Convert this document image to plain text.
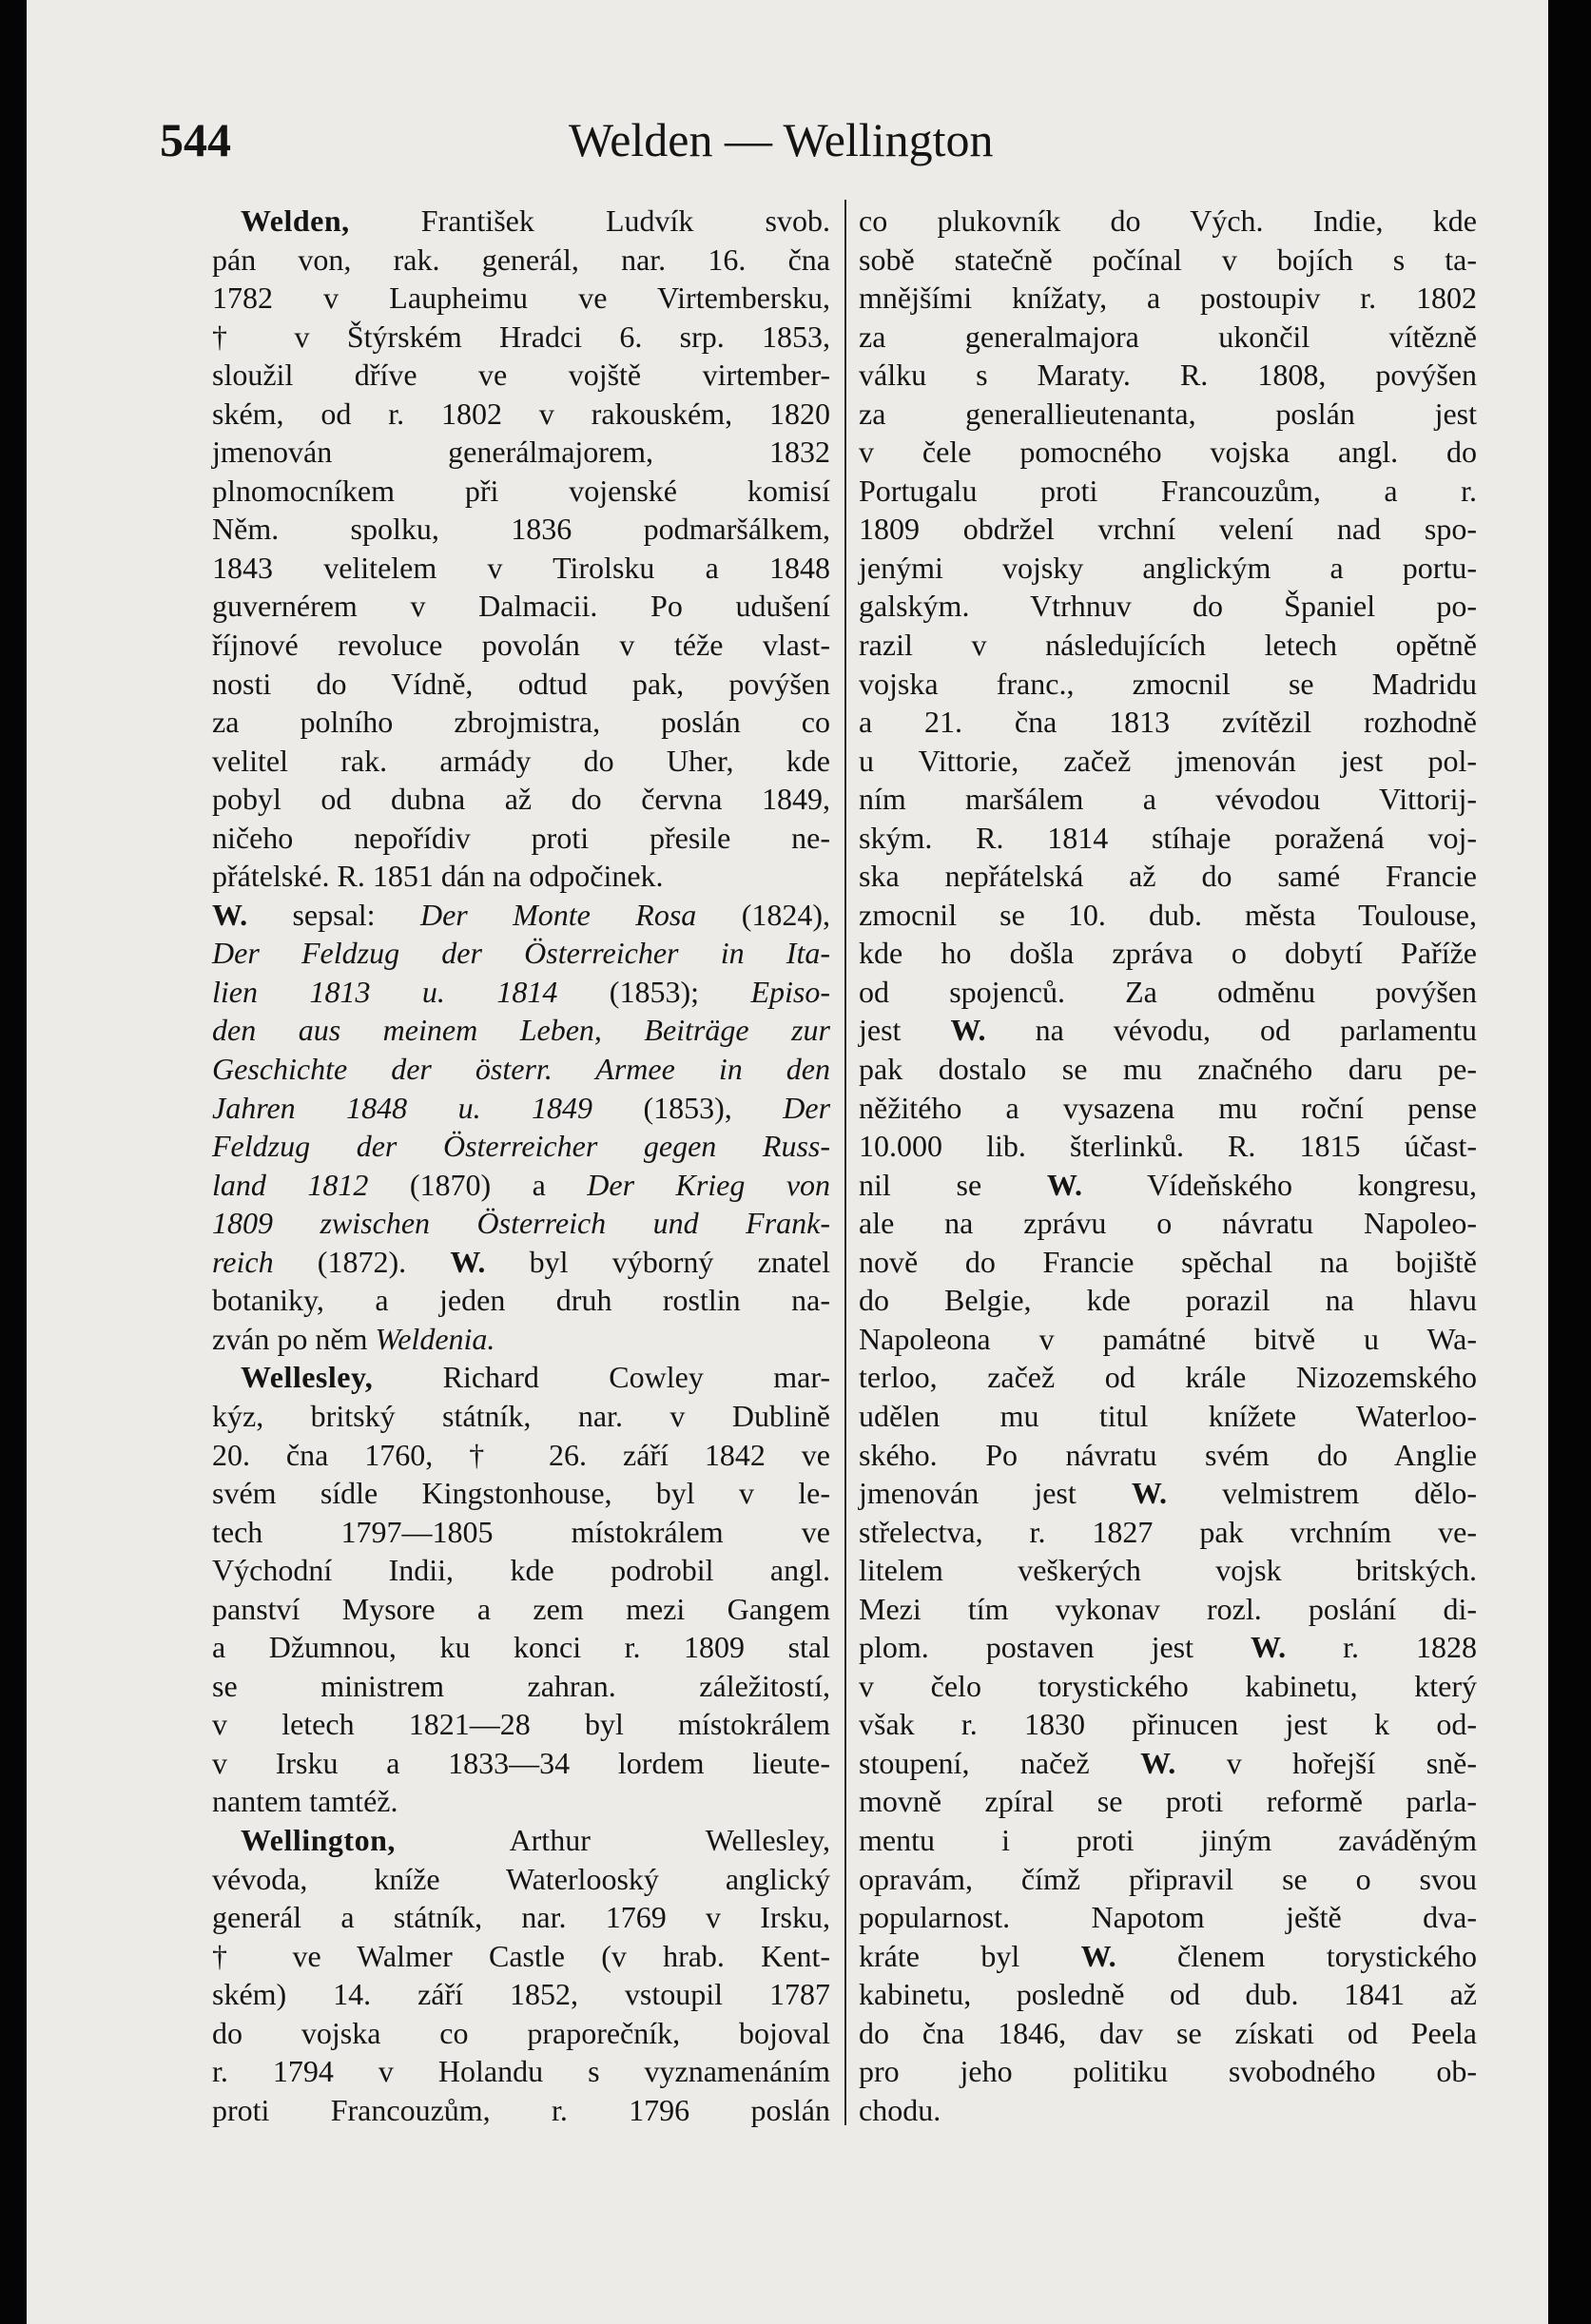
544	Welden — Wellington
Welden, František Ludvík svob.
pán von, rak. generál, nar. 16. čna
1782 v Laupheimu ve Virtembersku,
† v Štýrském Hradci 6. srp. 1853,
sloužil dříve ve vojště virtember-
ském, od r. 1802 v rakouském, 1820
jmenován generálmajorem, 1832
plnomocníkem při vojenské komisí
Něm. spolku, 1836 podmaršálkem,
1843 velitelem v Tirolsku a 1848
guvernérem v Dalmacii. Po udušení
říjnové revoluce povolán v téže vlast-
nosti do Vídně, odtud pak, povýšen
za polního zbrojmistra, poslán co
velitel rak. armády do Uher, kde
pobyl od dubna až do června 1849,
ničeho nepořídiv proti přesile ne-
přátelské. R. 1851 dán na odpočinek.
W. sepsal: Der Monte Rosa (1824),
Der Feldzug der Österreicher in Ita-
lien 1813 u. 1814 (1853); Episo-
den aus meinem Leben, Beiträge zur
Geschichte der österr. Armee in den
Jahren 1848 u. 1849 (1853), Der
Feldzug der Österreicher gegen Russ-
land 1812 (1870) a Der Krieg von
1809 zwischen Österreich und Frank-
reich (1872). W. byl výborný znatel
botaniky, a jeden druh rostlin na-
zván po něm Weldenia.
Wellesley, Richard Cowley mar-
kýz, britský státník, nar. v Dublině
20. čna 1760, † 26. září 1842 ve
svém sídle Kingstonhouse, byl v le-
tech 1797—1805 místokrálem ve
Východní Indii, kde podrobil angl.
panství Mysore a zem mezi Gangem
a Džumnou, ku konci r. 1809 stal
se ministrem zahran. záležitostí,
v letech 1821—28 byl místokrálem
v Irsku a 1833—34 lordem lieute-
nantem tamtéž.
Wellington, Arthur Wellesley,
vévoda, kníže Waterlooský anglický
generál a státník, nar. 1769 v Irsku,
† ve Walmer Castle (v hrab. Kent-
ském) 14. září 1852, vstoupil 1787
do vojska co praporečník, bojoval
r. 1794 v Holandu s vyznamenáním
proti Francouzům, r. 1796 poslán
co plukovník do Vých. Indie, kde
sobě statečně počínal v bojích s ta-
mnějšími knížaty, a postoupiv r. 1802
za generalmajora ukončil vítězně
válku s Maraty. R. 1808, povýšen
za generallieutenanta, poslán jest
v čele pomocného vojska angl. do
Portugalu proti Francouzům, a r.
1809 obdržel vrchní velení nad spo-
jenými vojsky anglickým a portu-
galským. Vtrhnuv do Španiel po-
razil v následujících letech opětně
vojska franc., zmocnil se Madridu
a 21. čna 1813 zvítězil rozhodně
u Vittorie, začež jmenován jest pol-
ním maršálem a vévodou Vittorij-
ským. R. 1814 stíhaje poražená voj-
ska nepřátelská až do samé Francie
zmocnil se 10. dub. města Toulouse,
kde ho došla zpráva o dobytí Paříže
od spojenců. Za odměnu povýšen
jest W. na vévodu, od parlamentu
pak dostalo se mu značného daru pe-
něžitého a vysazena mu roční pense
10.000 lib. šterlinků. R. 1815 účast-
nil se W. Vídeňského kongresu,
ale na zprávu o návratu Napoleo-
nově do Francie spěchal na bojiště
do Belgie, kde porazil na hlavu
Napoleona v památné bitvě u Wa-
terloo, začež od krále Nizozemského
udělen mu titul knížete Waterloo-
ského. Po návratu svém do Anglie
jmenován jest W. velmistrem dělo-
střelectva, r. 1827 pak vrchním ve-
litelem veškerých vojsk britských.
Mezi tím vykonav rozl. poslání di-
plom. postaven jest W. r. 1828
v čelo torystického kabinetu, který
však r. 1830 přinucen jest k od-
stoupení, načež W. v hořejší sně-
movně zpíral se proti reformě parla-
mentu i proti jiným zaváděným
opravám, čímž připravil se o svou
popularnost. Napotom ještě dva-
kráte byl W. členem torystického
kabinetu, posledně od dub. 1841 až
do čna 1846, dav se získati od Peela
pro jeho politiku svobodného ob-
chodu.
